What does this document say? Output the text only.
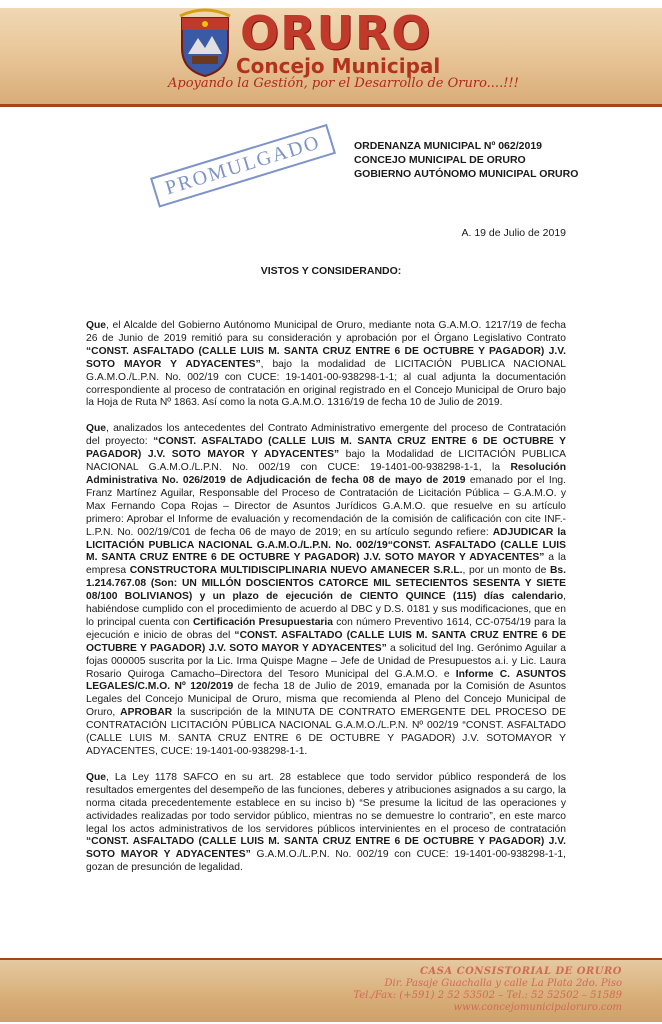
ORURO
Concejo Municipal
Apoyando la Gestión, por el Desarrollo de Oruro....!!!
ORDENANZA MUNICIPAL Nº 062/2019
CONCEJO MUNICIPAL DE ORURO
GOBIERNO AUTÓNOMO MUNICIPAL ORURO
PROMULGADO
A. 19 de Julio de 2019
VISTOS Y CONSIDERANDO:

Que, el Alcalde del Gobierno Autónomo Municipal de Oruro, mediante nota G.A.M.O. 1217/19 de fecha 26 de Junio de 2019 remitió para su consideración y aprobación por el Órgano Legislativo Contrato “CONST. ASFALTADO (CALLE LUIS M. SANTA CRUZ ENTRE 6 DE OCTUBRE Y PAGADOR) J.V. SOTO MAYOR Y ADYACENTES”, bajo la modalidad de LICITACIÓN PUBLICA NACIONAL G.A.M.O./L.P.N. No. 002/19 con CUCE: 19-1401-00-938298-1-1; al cual adjunta la documentación correspondiente al proceso de contratación en original registrado en el Concejo Municipal de Oruro bajo la Hoja de Ruta Nº 1863. Así como la nota G.A.M.O. 1316/19 de fecha 10 de Julio de 2019.

Que, analizados los antecedentes del Contrato Administrativo emergente del proceso de Contratación del proyecto: “CONST. ASFALTADO (CALLE LUIS M. SANTA CRUZ ENTRE 6 DE OCTUBRE Y PAGADOR) J.V. SOTO MAYOR Y ADYACENTES” bajo la Modalidad de LICITACIÓN PUBLICA NACIONAL G.A.M.O./L.P.N. No. 002/19 con CUCE: 19-1401-00-938298-1-1, la Resolución Administrativa No. 026/2019 de Adjudicación de fecha 08 de mayo de 2019 emanado por el Ing. Franz Martínez Aguilar, Responsable del Proceso de Contratación de Licitación Pública – G.A.M.O. y Max Fernando Copa Rojas – Director de Asuntos Jurídicos G.A.M.O. que resuelve en su artículo primero: Aprobar el Informe de evaluación y recomendación de la comisión de calificación con cite INF.-L.P.N. No. 002/19/C01 de fecha 06 de mayo de 2019; en su artículo segundo refiere: ADJUDICAR la LICITACIÓN PUBLICA NACIONAL G.A.M.O./L.P.N. No. 002/19“CONST. ASFALTADO (CALLE LUIS M. SANTA CRUZ ENTRE 6 DE OCTUBRE Y PAGADOR) J.V. SOTO MAYOR Y ADYACENTES” a la empresa CONSTRUCTORA MULTIDISCIPLINARIA NUEVO AMANECER S.R.L., por un monto de Bs. 1.214.767.08 (Son: UN MILLÓN DOSCIENTOS CATORCE MIL SETECIENTOS SESENTA Y SIETE 08/100 BOLIVIANOS) y un plazo de ejecución de CIENTO QUINCE (115) días calendario, habiéndose cumplido con el procedimiento de acuerdo al DBC y D.S. 0181 y sus modificaciones, que en lo principal cuenta con Certificación Presupuestaria con número Preventivo 1614, CC-0754/19 para la ejecución e inicio de obras del “CONST. ASFALTADO (CALLE LUIS M. SANTA CRUZ ENTRE 6 DE OCTUBRE Y PAGADOR) J.V. SOTO MAYOR Y ADYACENTES” a solicitud del Ing. Gerónimo Aguilar a fojas 000005 suscrita por la Lic. Irma Quispe Magne – Jefe de Unidad de Presupuestos a.i. y Lic. Laura Rosario Quiroga Camacho–Directora del Tesoro Municipal del G.A.M.O. e Informe C. ASUNTOS LEGALES/C.M.O. Nº 120/2019 de fecha 18 de Julio de 2019, emanada por la Comisión de Asuntos Legales del Concejo Municipal de Oruro, misma que recomienda al Pleno del Concejo Municipal de Oruro, APROBAR la suscripción de la MINUTA DE CONTRATO EMERGENTE DEL PROCESO DE CONTRATACIÓN LICITACIÓN PÚBLICA NACIONAL G.A.M.O./L.P.N. Nº 002/19 “CONST. ASFALTADO (CALLE LUIS M. SANTA CRUZ ENTRE 6 DE OCTUBRE Y PAGADOR) J.V. SOTOMAYOR Y ADYACENTES, CUCE: 19-1401-00-938298-1-1.

Que, La Ley 1178 SAFCO en su art. 28 establece que todo servidor público responderá de los resultados emergentes del desempeño de las funciones, deberes y atribuciones asignados a su cargo, la norma citada precedentemente establece en su inciso b) “Se presume la licitud de las operaciones y actividades realizadas por todo servidor público, mientras no se demuestre lo contrario”, en este marco legal los actos administrativos de los servidores públicos intervinientes en el proceso de contratación “CONST. ASFALTADO (CALLE LUIS M. SANTA CRUZ ENTRE 6 DE OCTUBRE Y PAGADOR) J.V. SOTO MAYOR Y ADYACENTES” G.A.M.O./L.P.N. No. 002/19 con CUCE: 19-1401-00-938298-1-1, gozan de presunción de legalidad.

CASA CONSISTORIAL DE ORURO
Dir. Pasaje Guachalla y calle La Plata 2do. Piso
Tel./Fax: (+591) 2 52 53502 – Tel.: 52 52502 – 51589
www.concejomunicipaloruro.com
